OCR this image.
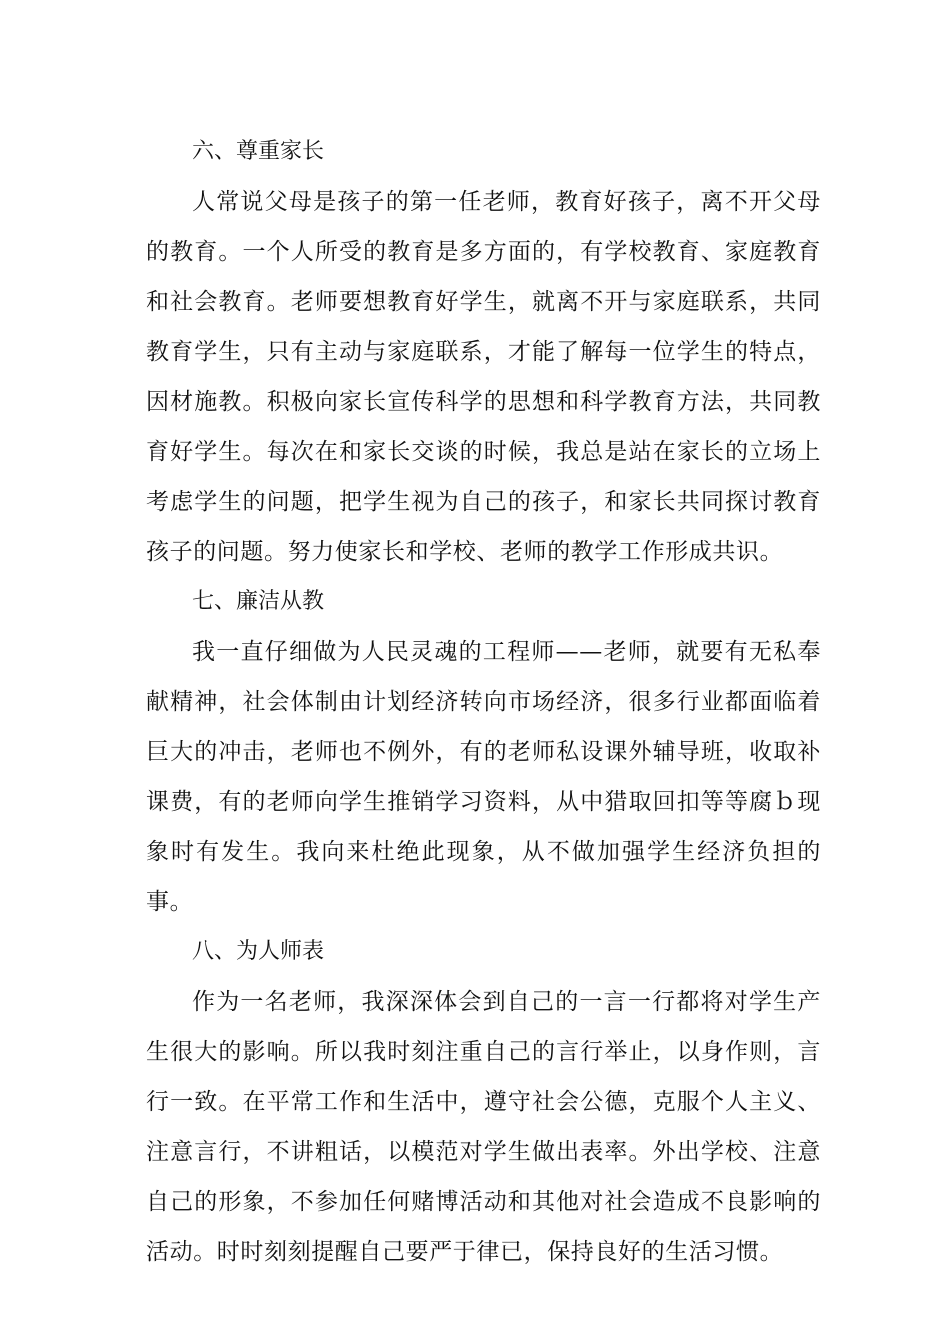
六、尊重家长

人常说父母是孩子的第一任老师，教育好孩子，离不开父母的教育。一个人所受的教育是多方面的，有学校教育、家庭教育和社会教育。老师要想教育好学生，就离不开与家庭联系，共同教育学生，只有主动与家庭联系，才能了解每一位学生的特点，因材施教。积极向家长宣传科学的思想和科学教育方法，共同教育好学生。每次在和家长交谈的时候，我总是站在家长的立场上考虑学生的问题，把学生视为自己的孩子，和家长共同探讨教育孩子的问题。努力使家长和学校、老师的教学工作形成共识。

七、廉洁从教

我一直仔细做为人民灵魂的工程师——老师，就要有无私奉献精神，社会体制由计划经济转向市场经济，很多行业都面临着巨大的冲击，老师也不例外，有的老师私设课外辅导班，收取补课费，有的老师向学生推销学习资料，从中猎取回扣等等腐ｂ现象时有发生。我向来杜绝此现象，从不做加强学生经济负担的事。

八、为人师表

作为一名老师，我深深体会到自己的一言一行都将对学生产生很大的影响。所以我时刻注重自己的言行举止，以身作则，言行一致。在平常工作和生活中，遵守社会公德，克服个人主义、注意言行，不讲粗话，以模范对学生做出表率。外出学校、注意自己的形象，不参加任何赌博活动和其他对社会造成不良影响的活动。时时刻刻提醒自己要严于律已，保持良好的生活习惯。
